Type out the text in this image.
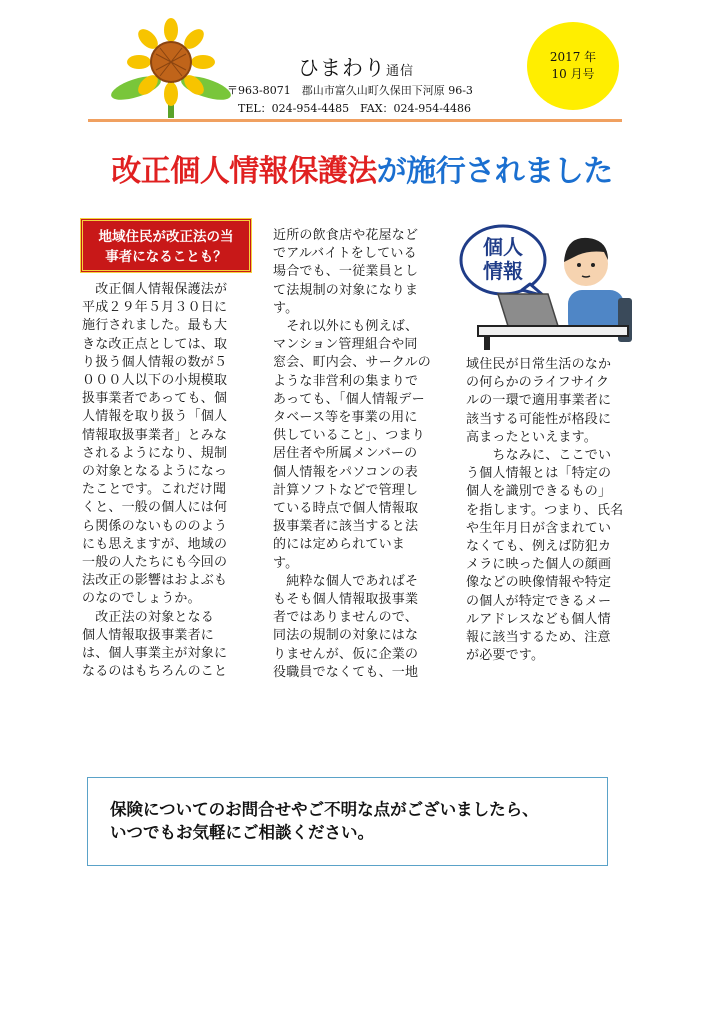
ひまわり通信
〒963-8071　郡山市富久山町久保田下河原 96-3
TEL：024-954-4485　FAX：024-954-4486
2017 年
10 月号
改正個人情報保護法が施行されました
地域住民が改正法の当
事者になることも？

　改正個人情報保護法が

平成２９年５月３０日に

施行されました。最も大

きな改正点としては、取

り扱う個人情報の数が５

０００人以下の小規模取

扱事業者であっても、個

人情報を取り扱う「個人

情報取扱事業者」とみな

されるようになり、規制

の対象となるようになっ

たことです。これだけ聞

くと、一般の個人には何

ら関係のないもののよう

にも思えますが、地域の

一般の人たちにも今回の

法改正の影響はおよぶも

のなのでしょうか。

　改正法の対象となる

個人情報取扱事業者に

は、個人事業主が対象に

なるのはもちろんのこと

近所の飲食店や花屋など

でアルバイトをしている

場合でも、一従業員とし

て法規制の対象になりま

す。

　それ以外にも例えば、

マンション管理組合や同

窓会、町内会、サークルの

ような非営利の集まりで

あっても、「個人情報デー

タベース等を事業の用に

供していること」、つまり

居住者や所属メンバーの

個人情報をパソコンの表

計算ソフトなどで管理し

ている時点で個人情報取

扱事業者に該当すると法

的には定められていま

す。

　純粋な個人であればそ

もそも個人情報取扱事業

者ではありませんので、

同法の規制の対象にはな

りませんが、仮に企業の

役職員でなくても、一地

域住民が日常生活のなか

の何らかのライフサイク

ルの一環で適用事業者に

該当する可能性が格段に

高まったといえます。

　　ちなみに、ここでい

う個人情報とは「特定の

個人を識別できるもの」

を指します。つまり、氏名

や生年月日が含まれてい

なくても、例えば防犯カ

メラに映った個人の顔画

像などの映像情報や特定

の個人が特定できるメー

ルアドレスなども個人情

報に該当するため、注意

が必要です。

個人
情報
保険についてのお問合せやご不明な点がございましたら、
いつでもお気軽にご相談ください。
